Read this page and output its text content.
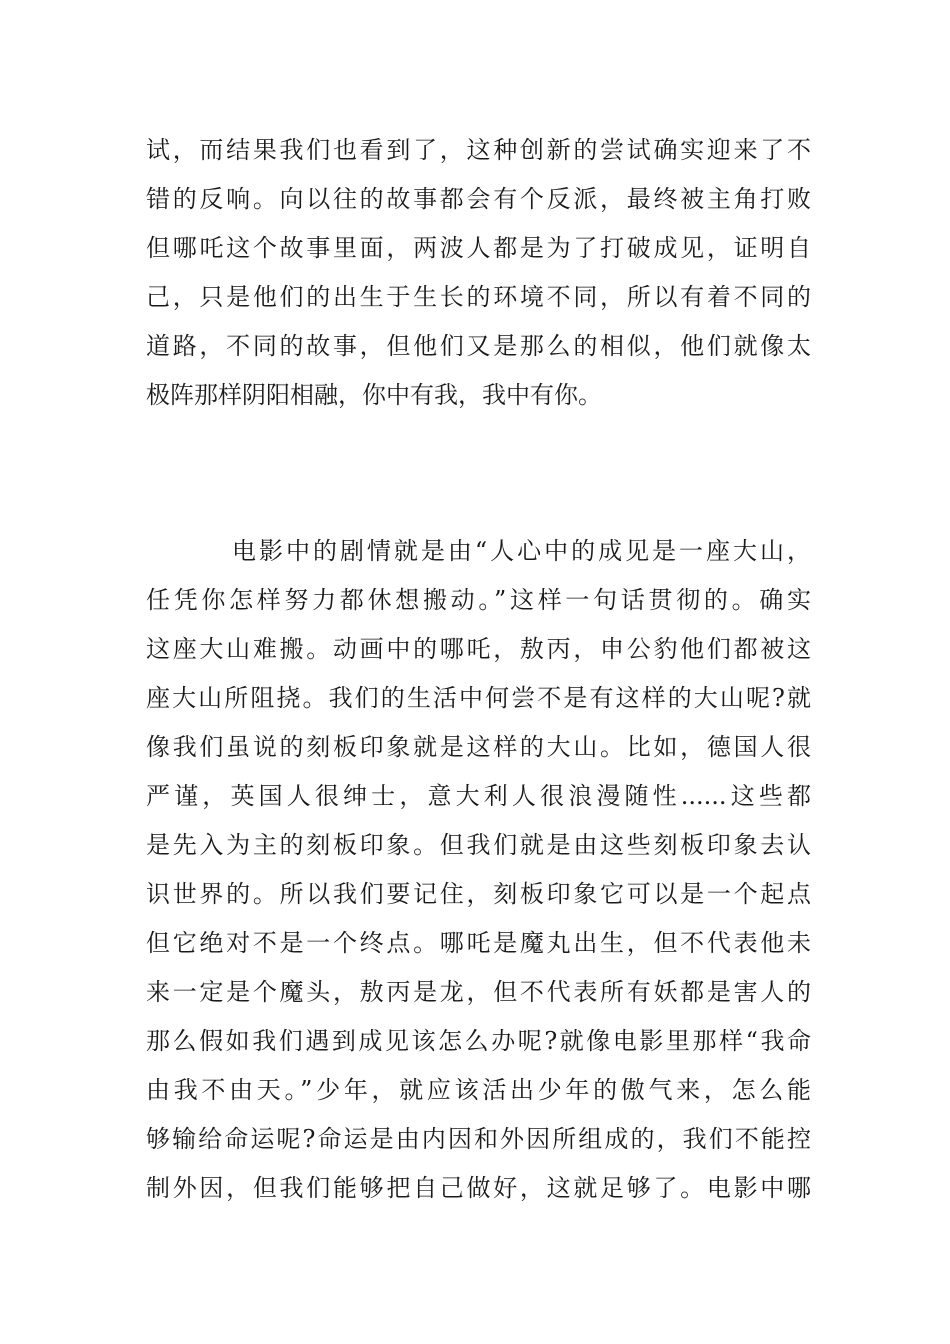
试，而结果我们也看到了，这种创新的尝试确实迎来了不
错的反响。向以往的故事都会有个反派，最终被主角打败
但哪吒这个故事里面，两波人都是为了打破成见，证明自
己，只是他们的出生于生长的环境不同，所以有着不同的
道路，不同的故事，但他们又是那么的相似，他们就像太
极阵那样阴阳相融，你中有我，我中有你。
电影中的剧情就是由“人心中的成见是一座大山，
任凭你怎样努力都休想搬动。”这样一句话贯彻的。确实
这座大山难搬。动画中的哪吒，敖丙，申公豹他们都被这
座大山所阻挠。我们的生活中何尝不是有这样的大山呢?就
像我们虽说的刻板印象就是这样的大山。比如，德国人很
严谨，英国人很绅士，意大利人很浪漫随性......这些都
是先入为主的刻板印象。但我们就是由这些刻板印象去认
识世界的。所以我们要记住，刻板印象它可以是一个起点
但它绝对不是一个终点。哪吒是魔丸出生，但不代表他未
来一定是个魔头，敖丙是龙，但不代表所有妖都是害人的
那么假如我们遇到成见该怎么办呢?就像电影里那样“我命
由我不由天。”少年，就应该活出少年的傲气来，怎么能
够输给命运呢?命运是由内因和外因所组成的，我们不能控
制外因，但我们能够把自己做好，这就足够了。电影中哪
